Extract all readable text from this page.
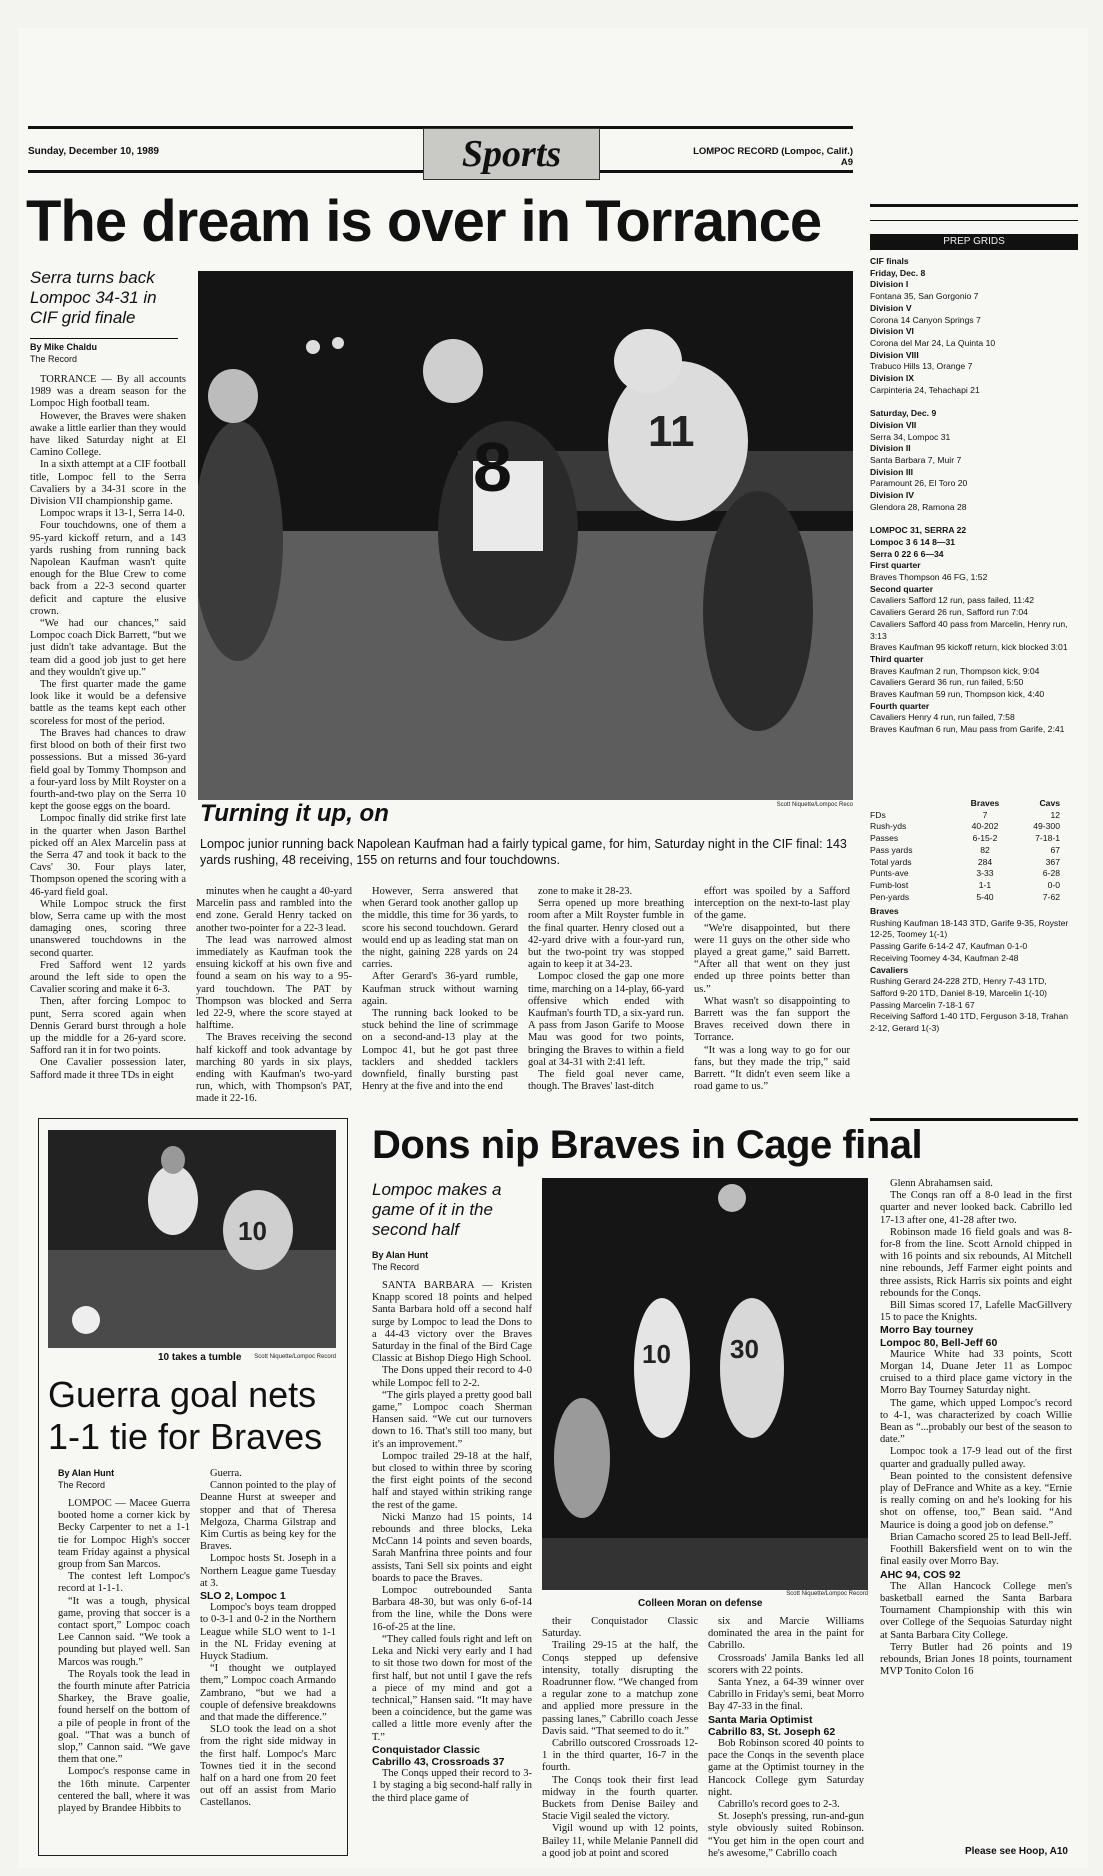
Sunday, December 10, 1989	Sports	LOMPOC RECORD (Lompoc, Calif.) A9
The dream is over in Torrance
Serra turns back Lompoc 34-31 in CIF grid finale
By Mike Chaldu
The Record
8	11
Scott Niquette/Lompoc Reco
Turning it up, on
Lompoc junior running back Napolean Kaufman had a fairly typical game, for him, Saturday night in the CIF final: 143 yards rushing, 48 receiving, 155 on returns and four touchdowns.

TORRANCE — By all accounts 1989 was a dream season for the Lompoc High football team.

However, the Braves were shaken awake a little earlier than they would have liked Saturday night at El Camino College.

In a sixth attempt at a CIF football title, Lompoc fell to the Serra Cavaliers by a 34-31 score in the Division VII championship game.

Lompoc wraps it 13-1, Serra 14-0.

Four touchdowns, one of them a 95-yard kickoff return, and a 143 yards rushing from running back Napolean Kaufman wasn't quite enough for the Blue Crew to come back from a 22-3 second quarter deficit and capture the elusive crown.

“We had our chances,” said Lompoc coach Dick Barrett, “but we just didn't take advantage. But the team did a good job just to get here and they wouldn't give up.”

The first quarter made the game look like it would be a defensive battle as the teams kept each other scoreless for most of the period.

The Braves had chances to draw first blood on both of their first two possessions. But a missed 36-yard field goal by Tommy Thompson and a four-yard loss by Milt Royster on a fourth-and-two play on the Serra 10 kept the goose eggs on the board.

Lompoc finally did strike first late in the quarter when Jason Barthel picked off an Alex Marcelin pass at the Serra 47 and took it back to the Cavs' 30. Four plays later, Thompson opened the scoring with a 46-yard field goal.

While Lompoc struck the first blow, Serra came up with the most damaging ones, scoring three unanswered touchdowns in the second quarter.

Fred Safford went 12 yards around the left side to open the Cavalier scoring and make it 6-3.

Then, after forcing Lompoc to punt, Serra scored again when Dennis Gerard burst through a hole up the middle for a 26-yard score. Safford ran it in for two points.

One Cavalier possession later, Safford made it three TDs in eight

minutes when he caught a 40-yard Marcelin pass and rambled into the end zone. Gerald Henry tacked on another two-pointer for a 22-3 lead.

The lead was narrowed almost immediately as Kaufman took the ensuing kickoff at his own five and found a seam on his way to a 95-yard touchdown. The PAT by Thompson was blocked and Serra led 22-9, where the score stayed at halftime.

The Braves receiving the second half kickoff and took advantage by marching 80 yards in six plays, ending with Kaufman's two-yard run, which, with Thompson's PAT, made it 22-16.

However, Serra answered that when Gerard took another gallop up the middle, this time for 36 yards, to score his second touchdown. Gerard would end up as leading stat man on the night, gaining 228 yards on 24 carries.

After Gerard's 36-yard rumble, Kaufman struck without warning again.

The running back looked to be stuck behind the line of scrimmage on a second-and-13 play at the Lompoc 41, but he got past three tacklers and shedded tacklers downfield, finally bursting past Henry at the five and into the end

zone to make it 28-23.

Serra opened up more breathing room after a Milt Royster fumble in the final quarter. Henry closed out a 42-yard drive with a four-yard run, but the two-point try was stopped again to keep it at 34-23.

Lompoc closed the gap one more time, marching on a 14-play, 66-yard offensive which ended with Kaufman's fourth TD, a six-yard run. A pass from Jason Garife to Moose Mau was good for two points, bringing the Braves to within a field goal at 34-31 with 2:41 left.

The field goal never came, though. The Braves' last-ditch

effort was spoiled by a Safford interception on the next-to-last play of the game.

“We're disappointed, but there were 11 guys on the other side who played a great game,” said Barrett. “After all that went on they just ended up three points better than us.”

What wasn't so disappointing to Barrett was the fan support the Braves received down there in Torrance.

“It was a long way to go for our fans, but they made the trip,” said Barrett. “It didn't even seem like a road game to us.”

PREP GRIDS
CIF finals
Friday, Dec. 8
Division I
Fontana 35, San Gorgonio 7
Division V
Corona 14 Canyon Springs 7
Division VI
Corona del Mar 24, La Quinta 10
Division VIII
Trabuco Hills 13, Orange 7
Division IX
Carpinteria 24, Tehachapi 21

Saturday, Dec. 9
Division VII
Serra 34, Lompoc 31
Division II
Santa Barbara 7, Muir 7
Division III
Paramount 26, El Toro 20
Division IV
Glendora 28, Ramona 28

LOMPOC 31, SERRA 22
Lompoc 3 6 14 8—31
Serra 0 22 6 6—34
First quarter
Braves Thompson 46 FG, 1:52
Second quarter
Cavaliers Safford 12 run, pass failed, 11:42
Cavaliers Gerard 26 run, Safford run 7:04
Cavaliers Safford 40 pass from Marcelin, Henry run, 3:13
Braves Kaufman 95 kickoff return, kick blocked 3:01
Third quarter
Braves Kaufman 2 run, Thompson kick, 9:04
Cavaliers Gerard 36 run, run failed, 5:50
Braves Kaufman 59 run, Thompson kick, 4:40
Fourth quarter
Cavaliers Henry 4 run, run failed, 7:58
Braves Kaufman 6 run, Mau pass from Garife, 2:41
Braves	Cavs
FDs	7	12
Rush-yds	40-202	49-300
Passes	6-15-2	7-18-1
Pass yards	82	67
Total yards	284	367
Punts-ave	3-33	6-28
Fumb-lost	1-1	0-0
Pen-yards	5-40	7-62
Braves
Rushing Kaufman 18-143 3TD, Garife 9-35, Royster 12-25, Toomey 1(-1)
Passing Garife 6-14-2 47, Kaufman 0-1-0
Receiving Toomey 4-34, Kaufman 2-48
Cavaliers
Rushing Gerard 24-228 2TD, Henry 7-43 1TD, Safford 9-20 1TD, Daniel 8-19, Marcelin 1(-10)
Passing Marcelin 7-18-1 67
Receiving Safford 1-40 1TD, Ferguson 3-18, Trahan 2-12, Gerard 1(-3)
10
10 takes a tumble	Scott Niquette/Lompoc Record
Guerra goal nets 1-1 tie for Braves
By Alan Hunt
The Record

LOMPOC — Macee Guerra booted home a corner kick by Becky Carpenter to net a 1-1 tie for Lompoc High's soccer team Friday against a physical group from San Marcos.

The contest left Lompoc's record at 1-1-1.

“It was a tough, physical game, proving that soccer is a contact sport,” Lompoc coach Lee Cannon said. “We took a pounding but played well. San Marcos was rough.”

The Royals took the lead in the fourth minute after Patricia Sharkey, the Brave goalie, found herself on the bottom of a pile of people in front of the goal. “That was a bunch of slop,” Cannon said. “We gave them that one.”

Lompoc's response came in the 16th minute. Carpenter centered the ball, where it was played by Brandee Hibbits to

Guerra.

Cannon pointed to the play of Deanne Hurst at sweeper and stopper and that of Theresa Melgoza, Charma Gilstrap and Kim Curtis as being key for the Braves.

Lompoc hosts St. Joseph in a Northern League game Tuesday at 3.

SLO 2, Lompoc 1

Lompoc's boys team dropped to 0-3-1 and 0-2 in the Northern League while SLO went to 1-1 in the NL Friday evening at Huyck Stadium.

“I thought we outplayed them,” Lompoc coach Armando Zambrano, “but we had a couple of defensive breakdowns and that made the difference.”

SLO took the lead on a shot from the right side midway in the first half. Lompoc's Marc Townes tied it in the second half on a hard one from 20 feet out off an assist from Mario Castellanos.

Dons nip Braves in Cage final
Lompoc makes a game of it in the second half
By Alan Hunt
The Record
10 30
Scott Niquette/Lompoc Record
Colleen Moran on defense

SANTA BARBARA — Kristen Knapp scored 18 points and helped Santa Barbara hold off a second half surge by Lompoc to lead the Dons to a 44-43 victory over the Braves Saturday in the final of the Bird Cage Classic at Bishop Diego High School.

The Dons upped their record to 4-0 while Lompoc fell to 2-2.

“The girls played a pretty good ball game,” Lompoc coach Sherman Hansen said. “We cut our turnovers down to 16. That's still too many, but it's an improvement.”

Lompoc trailed 29-18 at the half, but closed to within three by scoring the first eight points of the second half and stayed within striking range the rest of the game.

Nicki Manzo had 15 points, 14 rebounds and three blocks, Leka McCann 14 points and seven boards, Sarah Manfrina three points and four assists, Tani Sell six points and eight boards to pace the Braves.

Lompoc outrebounded Santa Barbara 48-30, but was only 6-of-14 from the line, while the Dons were 16-of-25 at the line.

“They called fouls right and left on Leka and Nicki very early and I had to sit those two down for most of the first half, but not until I gave the refs a piece of my mind and got a technical,” Hansen said. “It may have been a coincidence, but the game was called a little more evenly after the T.”

Conquistador Classic

Cabrillo 43, Crossroads 37

The Conqs upped their record to 3-1 by staging a big second-half rally in the third place game of

their Conquistador Classic Saturday.

Trailing 29-15 at the half, the Conqs stepped up defensive intensity, totally disrupting the Roadrunner flow. “We changed from a regular zone to a matchup zone and applied more pressure in the passing lanes,” Cabrillo coach Jesse Davis said. “That seemed to do it.”

Cabrillo outscored Crossroads 12-1 in the third quarter, 16-7 in the fourth.

The Conqs took their first lead midway in the fourth quarter. Buckets from Denise Bailey and Stacie Vigil sealed the victory.

Vigil wound up with 12 points, Bailey 11, while Melanie Pannell did a good job at point and scored

six and Marcie Williams dominated the area in the paint for Cabrillo.

Crossroads' Jamila Banks led all scorers with 22 points.

Santa Ynez, a 64-39 winner over Cabrillo in Friday's semi, beat Morro Bay 47-33 in the final.

Santa Maria Optimist

Cabrillo 83, St. Joseph 62

Bob Robinson scored 40 points to pace the Conqs in the seventh place game at the Optimist tourney in the Hancock College gym Saturday night.

Cabrillo's record goes to 2-3.

St. Joseph's pressing, run-and-gun style obviously suited Robinson. “You get him in the open court and he's awesome,” Cabrillo coach

Glenn Abrahamsen said.

The Conqs ran off a 8-0 lead in the first quarter and never looked back. Cabrillo led 17-13 after one, 41-28 after two.

Robinson made 16 field goals and was 8-for-8 from the line. Scott Arnold chipped in with 16 points and six rebounds, Al Mitchell nine rebounds, Jeff Farmer eight points and three assists, Rick Harris six points and eight rebounds for the Conqs.

Bill Simas scored 17, Lafelle MacGillvery 15 to pace the Knights.

Morro Bay tourney

Lompoc 80, Bell-Jeff 60

Maurice White had 33 points, Scott Morgan 14, Duane Jeter 11 as Lompoc cruised to a third place game victory in the Morro Bay Tourney Saturday night.

The game, which upped Lompoc's record to 4-1, was characterized by coach Willie Bean as “...probably our best of the season to date.”

Lompoc took a 17-9 lead out of the first quarter and gradually pulled away.

Bean pointed to the consistent defensive play of DeFrance and White as a key. “Ernie is really coming on and he's looking for his shot on offense, too,” Bean said. “And Maurice is doing a good job on defense.”

Brian Camacho scored 25 to lead Bell-Jeff.

Foothill Bakersfield went on to win the final easily over Morro Bay.

AHC 94, COS 92

The Allan Hancock College men's basketball earned the Santa Barbara Tournament Championship with this win over College of the Sequoias Saturday night at Santa Barbara City College.

Terry Butler had 26 points and 19 rebounds, Brian Jones 18 points, tournament MVP Tonito Colon 16

Please see Hoop, A10
